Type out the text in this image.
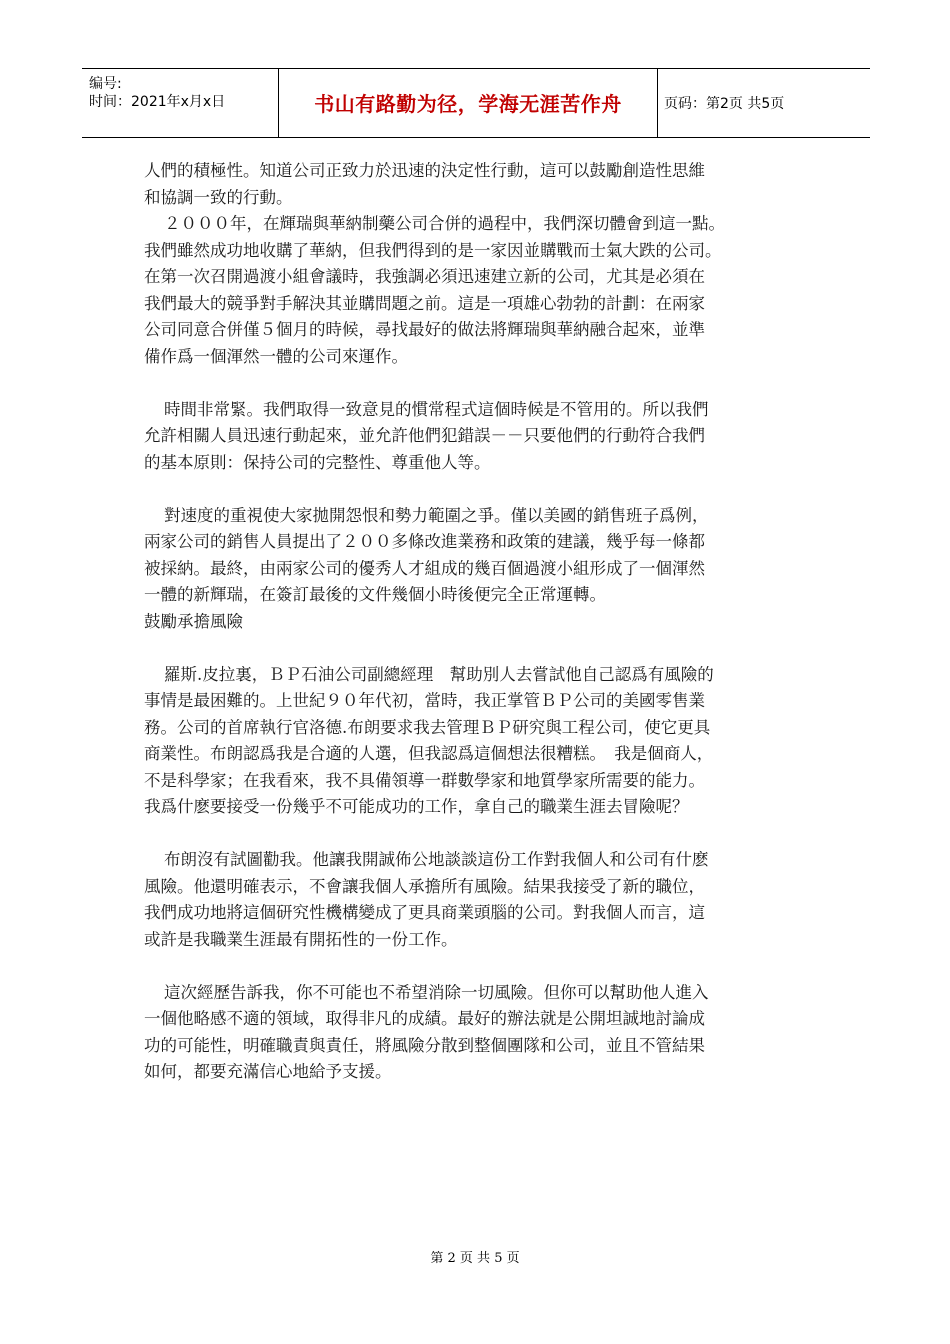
编号:
时间：2021年x月x日	书山有路勤为径，学海无涯苦作舟	页码：第2页 共5页
人們的積極性。知道公司正致力於迅速的決定性行動，這可以鼓勵創造性思維
和協調一致的行動。
２０００年，在輝瑞與華納制藥公司合併的過程中，我們深切體會到這一點。
我們雖然成功地收購了華納，但我們得到的是一家因並購戰而士氣大跌的公司。
在第一次召開過渡小組會議時，我強調必須迅速建立新的公司，尤其是必須在
我們最大的競爭對手解決其並購問題之前。這是一項雄心勃勃的計劃：在兩家
公司同意合併僅５個月的時候，尋找最好的做法將輝瑞與華納融合起來，並準
備作爲一個渾然一體的公司來運作。
時間非常緊。我們取得一致意見的慣常程式這個時候是不管用的。所以我們
允許相關人員迅速行動起來，並允許他們犯錯誤－－只要他們的行動符合我們
的基本原則：保持公司的完整性、尊重他人等。
對速度的重視使大家拋開怨恨和勢力範圍之爭。僅以美國的銷售班子爲例，
兩家公司的銷售人員提出了２００多條改進業務和政策的建議，幾乎每一條都
被採納。最終，由兩家公司的優秀人才組成的幾百個過渡小組形成了一個渾然
一體的新輝瑞，在簽訂最後的文件幾個小時後便完全正常運轉。
鼓勵承擔風險
羅斯.皮拉裏，ＢＰ石油公司副總經理　幫助別人去嘗試他自己認爲有風險的
事情是最困難的。上世紀９０年代初，當時，我正掌管ＢＰ公司的美國零售業
務。公司的首席執行官洛德.布朗要求我去管理ＢＰ研究與工程公司，使它更具
商業性。布朗認爲我是合適的人選，但我認爲這個想法很糟糕。　我是個商人，
不是科學家；在我看來，我不具備領導一群數學家和地質學家所需要的能力。
我爲什麽要接受一份幾乎不可能成功的工作，拿自己的職業生涯去冒險呢？
布朗沒有試圖勸我。他讓我開誠佈公地談談這份工作對我個人和公司有什麽
風險。他還明確表示，不會讓我個人承擔所有風險。結果我接受了新的職位，
我們成功地將這個研究性機構變成了更具商業頭腦的公司。對我個人而言，這
或許是我職業生涯最有開拓性的一份工作。
這次經歷告訴我，你不可能也不希望消除一切風險。但你可以幫助他人進入
一個他略感不適的領域，取得非凡的成績。最好的辦法就是公開坦誠地討論成
功的可能性，明確職責與責任，將風險分散到整個團隊和公司，並且不管結果
如何，都要充滿信心地給予支援。
第 2 页 共 5 页
